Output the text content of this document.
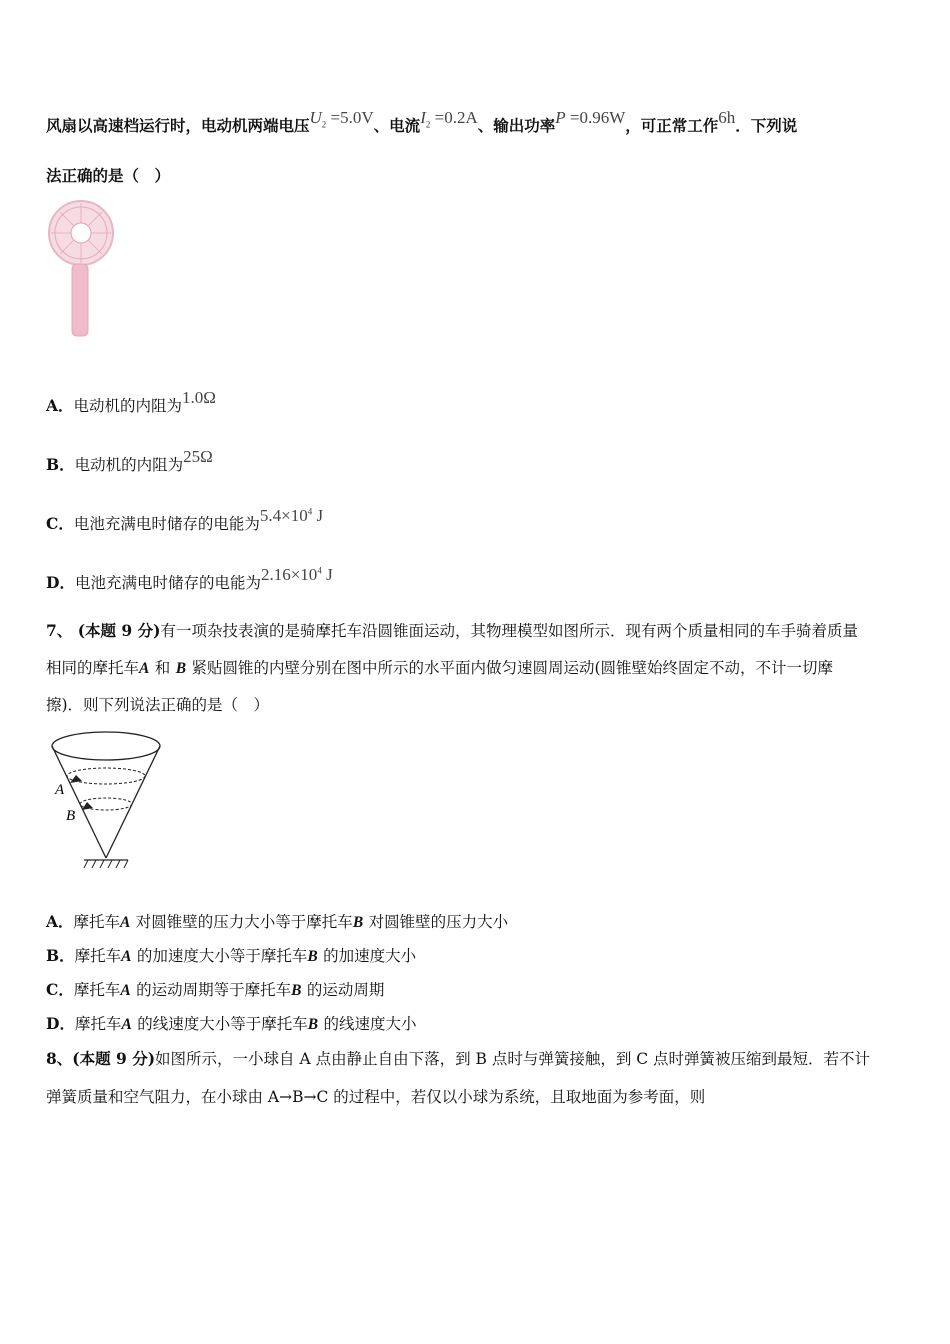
风扇以高速档运行时，电动机两端电压$U_2 =5.0V$、电流$I_2 =0.2A$、输出功率P =0.96W，可正常工作6h．下列说
法正确的是（　）
A．电动机的内阻为1.0Ω
B．电动机的内阻为25Ω
C．电池充满电时储存的电能为$5.4\times 10^4$ J
D．电池充满电时储存的电能为$2.16\times 10^4$ J
7、 (本题 9 分)有一项杂技表演的是骑摩托车沿圆锥面运动，其物理模型如图所示．现有两个质量相同的车手骑着质量
相同的摩托车A 和 B 紧贴圆锥的内壁分别在图中所示的水平面内做匀速圆周运动(圆锥壁始终固定不动，不计一切摩
擦)．则下列说法正确的是（　）
A
B
A．摩托车A 对圆锥壁的压力大小等于摩托车B 对圆锥壁的压力大小
B．摩托车A 的加速度大小等于摩托车B 的加速度大小
C．摩托车A 的运动周期等于摩托车B 的运动周期
D．摩托车A 的线速度大小等于摩托车B 的线速度大小
8、(本题 9 分)如图所示，一小球自 A 点由静止自由下落，到 B 点时与弹簧接触，到 C 点时弹簧被压缩到最短．若不计
弹簧质量和空气阻力，在小球由 A→B→C 的过程中，若仅以小球为系统，且取地面为参考面，则
